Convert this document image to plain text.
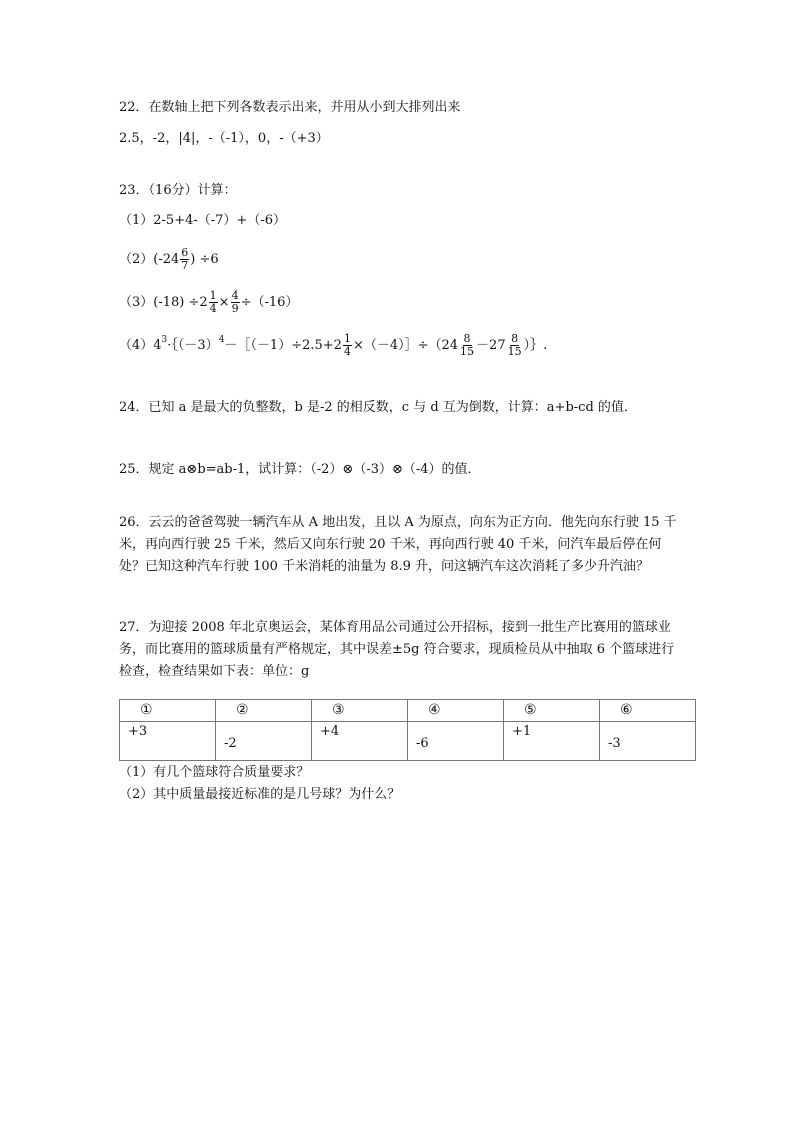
22．在数轴上把下列各数表示出来，并用从小到大排列出来
2.5，-2，|4|，-（-1），0，-（+3）
23．（16分）计算：
（1）2-5+4-（-7）+（-6）
$(2)(-24 \frac{6}{7}$ ) ÷6
$(3)(-18) \div 2 \frac{1}{4} \times \frac{4}{9} \div(-16)$
（4）4 3 ·｛（－3） 4 －［（－1）÷2.5+2 $\frac{1}{4}$ ×（－4）］÷（24 $\frac{8}{15} -27 \frac{8}{15}$ ）｝.
24．已知 a 是最大的负整数，b 是-2 的相反数，c 与 d 互为倒数，计算：a+b-cd 的值．
25．规定 a⊗b=ab-1，试计算：（-2）⊗（-3）⊗（-4）的值．
26．云云的爸爸驾驶一辆汽车从 A 地出发，且以 A 为原点，向东为正方向．他先向东行驶 15 千米，再向西行驶 25 千米，然后又向东行驶 20 千米，再向西行驶 40 千米，问汽车最后停在何处？已知这种汽车行驶 100 千米消耗的油量为 8.9 升，问这辆汽车这次消耗了多少升汽油？
27．为迎接 2008 年北京奥运会，某体育用品公司通过公开招标，接到一批生产比赛用的篮球业务，而比赛用的篮球质量有严格规定，其中误差±5g 符合要求，现质检员从中抽取 6 个篮球进行检查，检查结果如下表：单位：g
①	②	③	④	⑤	⑥

+3	-2	+4	-6	+1	-3
（1）有几个篮球符合质量要求？
（2）其中质量最接近标准的是几号球？为什么？
